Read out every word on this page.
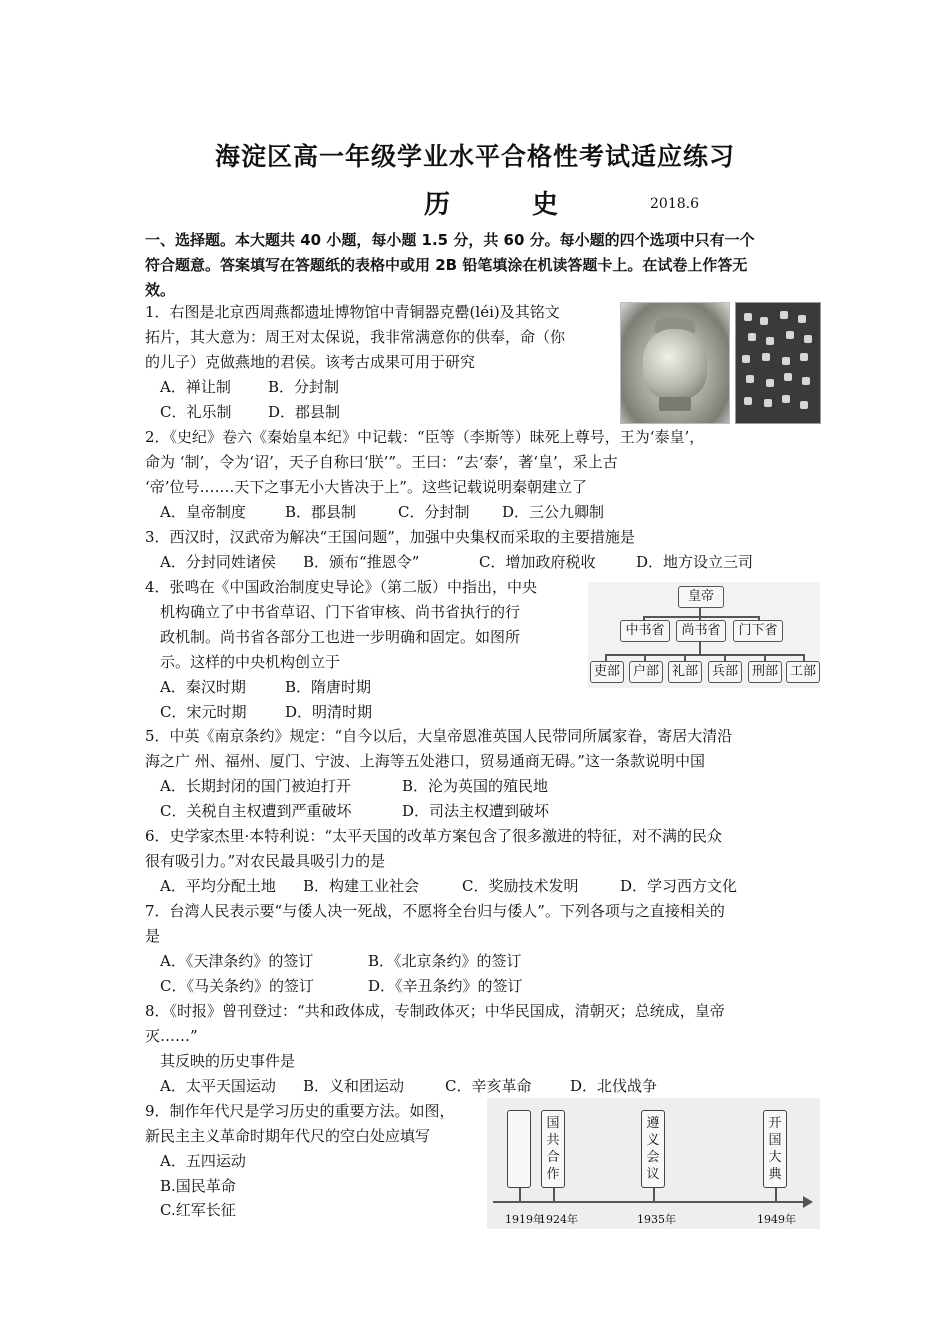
海淀区高一年级学业水平合格性考试适应练习
历　史	2018.6
一、选择题。本大题共 40 小题，每小题 1.5 分，共 60 分。每小题的四个选项中只有一个
符合题意。答案填写在答题纸的表格中或用 2B 铅笔填涂在机读答题卡上。在试卷上作答无
效。
1．右图是北京西周燕都遗址博物馆中青铜器克罍(léi)及其铭文
拓片，其大意为：周王对太保说，我非常满意你的供奉，命（你
的儿子）克做燕地的君侯。该考古成果可用于研究
A．禅让制 B．分封制
C．礼乐制 D．郡县制
2．《史纪》卷六《秦始皇本纪》中记载：“臣等（李斯等）昧死上尊号，王为‘泰皇’，
命为 ‘制’，令为‘诏’，天子自称曰‘朕’”。王曰：“去‘泰’，著‘皇’，采上古
‘帝’位号…….天下之事无小大皆决于上”。这些记载说明秦朝建立了
A．皇帝制度	B．郡县制	C．分封制 D．三公九卿制
3．西汉时，汉武帝为解决“王国问题”，加强中央集权而采取的主要措施是
A．分封同姓诸侯 B．颁布“推恩令”	C．增加政府税收	D．地方设立三司
4．张鸣在《中国政治制度史导论》（第二版）中指出，中央
机构确立了中书省草诏、门下省审核、尚书省执行的行
政机制。尚书省各部分工也进一步明确和固定。如图所
示。这样的中央机构创立于
A．秦汉时期	B．隋唐时期
C．宋元时期	D．明清时期
皇帝
中书省	尚书省	门下省
吏部 户部 礼部	兵部	刑部 工部
5．中英《南京条约》规定：“自今以后，大皇帝恩准英国人民带同所属家眷，寄居大清沿
海之广 州、福州、厦门、宁波、上海等五处港口，贸易通商无碍。”这一条款说明中国
A．长期封闭的国门被迫打开	B．沦为英国的殖民地
C．关税自主权遭到严重破坏	D．司法主权遭到破坏
6．史学家杰里·本特利说：“太平天国的改革方案包含了很多激进的特征，对不满的民众
很有吸引力。”对农民最具吸引力的是
A．平均分配土地 B．构建工业社会	C．奖励技术发明	D．学习西方文化
7．台湾人民表示要“与倭人决一死战，不愿将全台归与倭人”。下列各项与之直接相关的
是
A．《天津条约》的签订	B．《北京条约》的签订
C．《马关条约》的签订	D．《辛丑条约》的签订
8．《时报》曾刊登过：“共和政体成，专制政体灭；中华民国成，清朝灭；总统成，皇帝
灭……”
其反映的历史事件是
A．太平天国运动 B．义和团运动	C．辛亥革命	D．北伐战争
9．制作年代尺是学习历史的重要方法。如图，
新民主主义革命时期年代尺的空白处应填写
A．五四运动
B.国民革命
C.红军长征
国
共
合
作
遵
义
会
议
开
国
大
典
1919年
1924年	1935年	1949年
